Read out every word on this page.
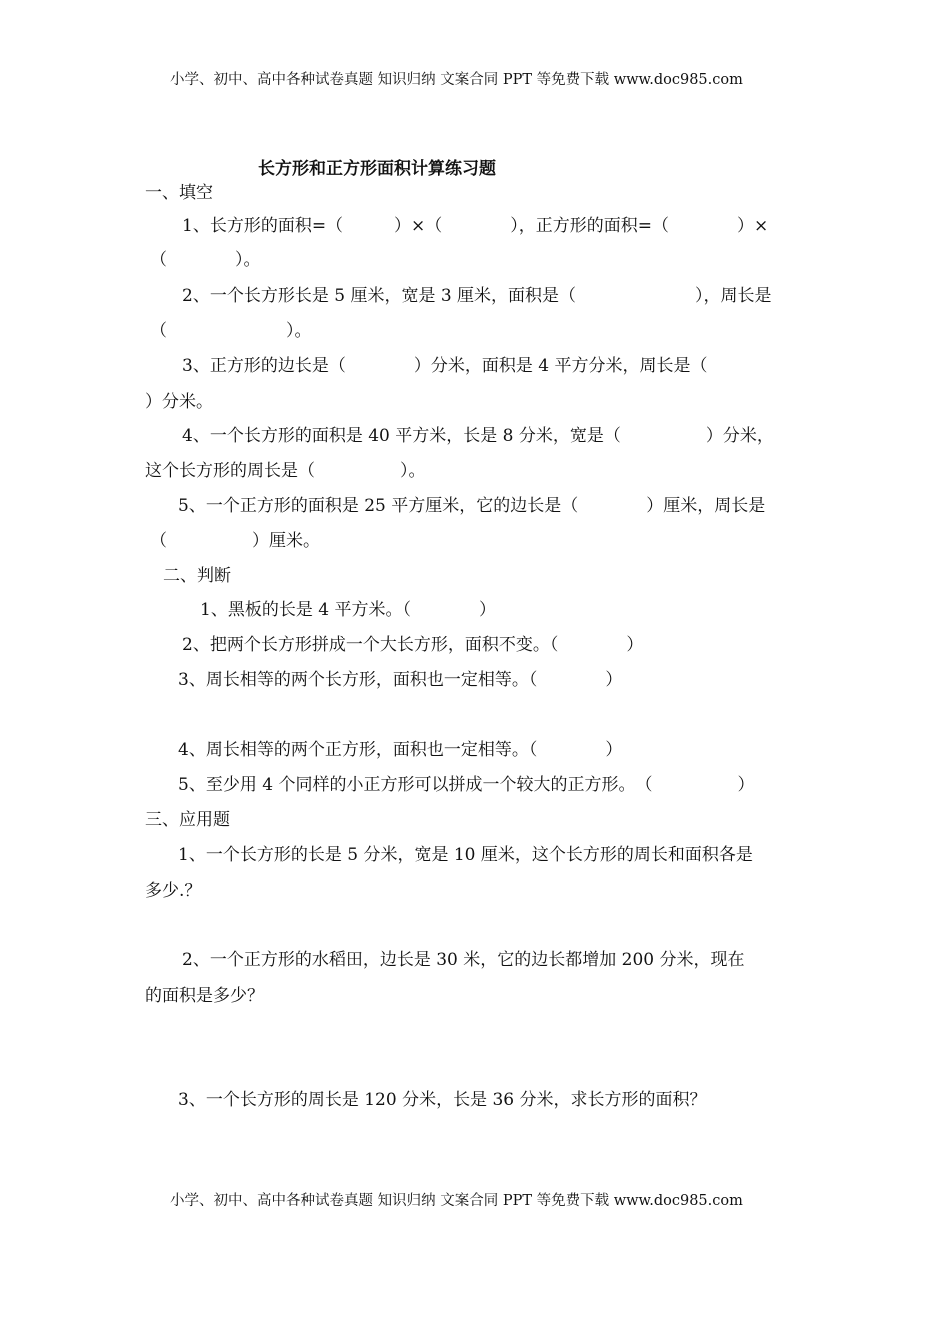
小学、初中、高中各种试卷真题 知识归纳 文案合同 PPT 等免费下载 www.doc985.com
长方形和正方形面积计算练习题
一、填空
1、长方形的面积=（　　　）×（　　　　），正方形的面积=（　　　　）×
（　　　　）。
2、一个长方形长是 5 厘米，宽是 3 厘米，面积是（　　　　　　　），周长是
（　　　　　　　）。
3、正方形的边长是（　　　　）分米，面积是 4 平方分米，周长是（
）分米。
4、一个长方形的面积是 40 平方米，长是 8 分米，宽是（　　　　　）分米，
这个长方形的周长是（　　　　　）。
5、一个正方形的面积是 25 平方厘米，它的边长是（　　　　）厘米，周长是
（　　　　　）厘米。
二、判断
1、黑板的长是 4 平方米。（　　　　）
2、把两个长方形拼成一个大长方形，面积不变。（　　　　）
3、周长相等的两个长方形，面积也一定相等。（　　　　）
4、周长相等的两个正方形，面积也一定相等。（　　　　）
5、至少用 4 个同样的小正方形可以拼成一个较大的正方形。　（　　　　　）
三、应用题
1、一个长方形的长是 5 分米，宽是 10 厘米，这个长方形的周长和面积各是
多少.？
2、一个正方形的水稻田，边长是 30 米，它的边长都增加 200 分米，现在
的面积是多少？
3、一个长方形的周长是 120 分米，长是 36 分米，求长方形的面积？
小学、初中、高中各种试卷真题 知识归纳 文案合同 PPT 等免费下载 www.doc985.com
